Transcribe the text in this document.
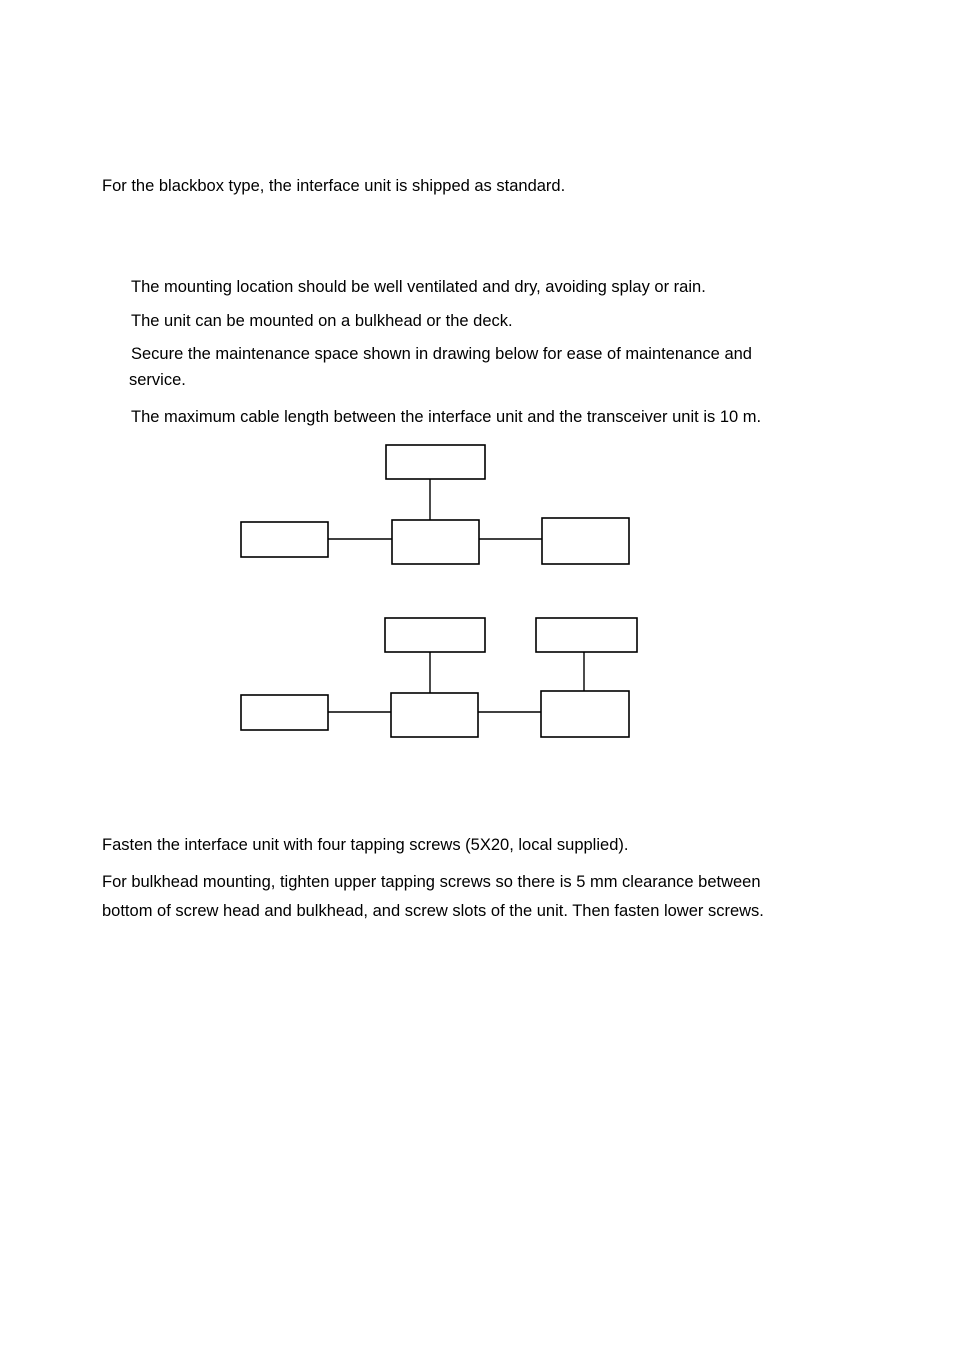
For the blackbox type, the interface unit is shipped as standard.

The mounting location should be well ventilated and dry, avoiding splay or rain.

The unit can be mounted on a bulkhead or the deck.

Secure the maintenance space shown in drawing below for ease of maintenance and

service.

The maximum cable length between the interface unit and the transceiver unit is 10 m.

Fasten the interface unit with four tapping screws (5X20, local supplied).

For bulkhead mounting, tighten upper tapping screws so there is 5 mm clearance between

bottom of screw head and bulkhead, and screw slots of the unit. Then fasten lower screws.
